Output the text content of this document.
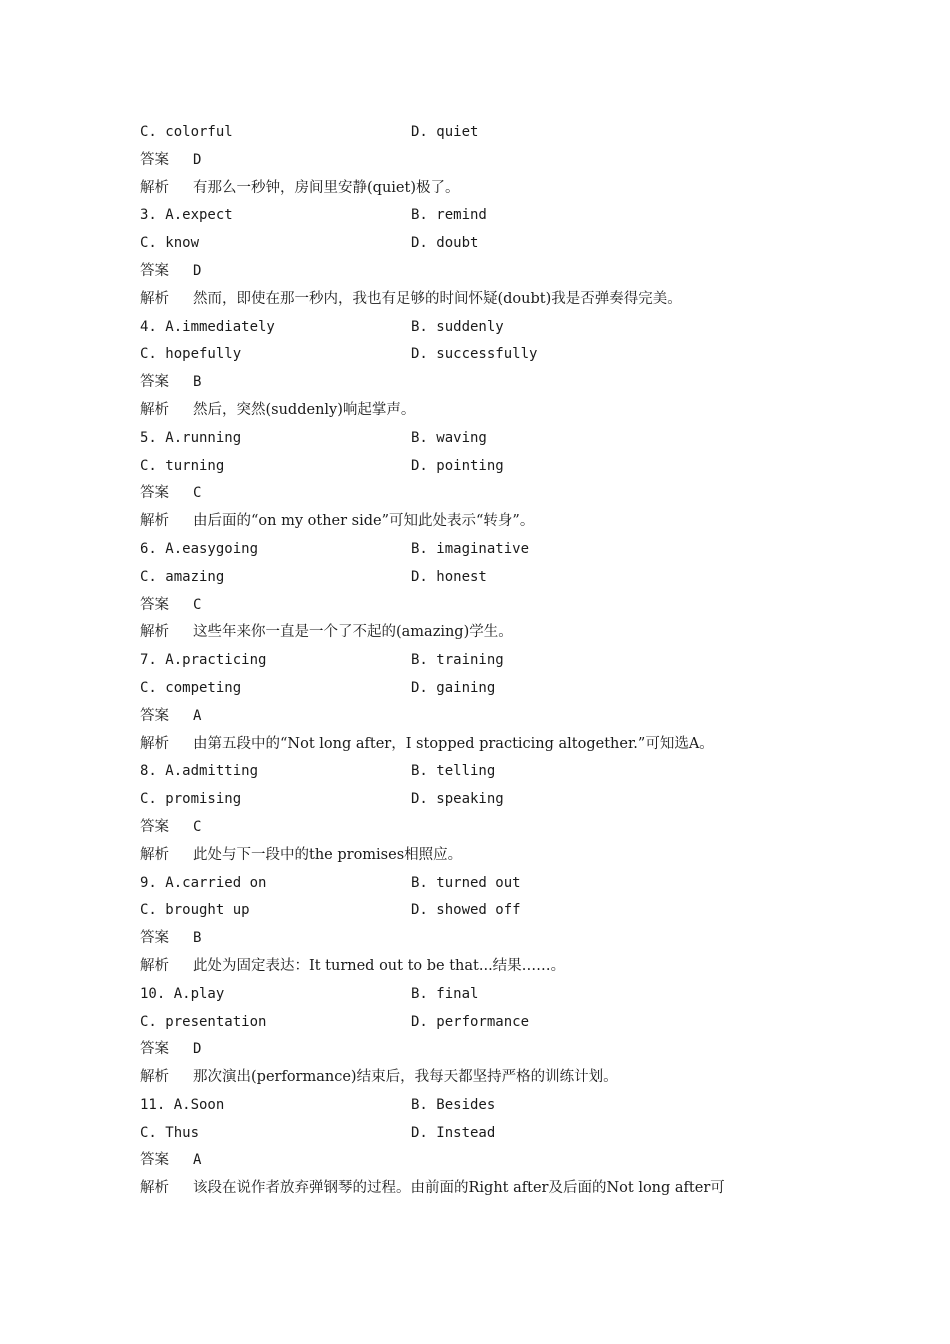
C. colorful	D. quiet
答案 D
解析 有那么一秒钟，房间里安静(quiet)极了。
3. A.expect	B. remind
C. know	D. doubt
答案 D
解析 然而，即使在那一秒内，我也有足够的时间怀疑(doubt)我是否弹奏得完美。
4. A.immediately	B. suddenly
C. hopefully	D. successfully
答案 B
解析 然后，突然(suddenly)响起掌声。
5. A.running	B. waving
C. turning	D. pointing
答案 C
解析 由后面的“on my other side”可知此处表示“转身”。
6. A.easygoing	B. imaginative
C. amazing	D. honest
答案 C
解析 这些年来你一直是一个了不起的(amazing)学生。
7. A.practicing	B. training
C. competing	D. gaining
答案 A
解析 由第五段中的“Not long after，I stopped practicing altogether.”可知选A。
8. A.admitting	B. telling
C. promising	D. speaking
答案 C
解析 此处与下一段中的the promises相照应。
9. A.carried on	B. turned out
C. brought up	D. showed off
答案 B
解析 此处为固定表达：It turned out to be that...结果……。
10. A.play	B. final
C. presentation	D. performance
答案 D
解析 那次演出(performance)结束后，我每天都坚持严格的训练计划。
11. A.Soon	B. Besides
C. Thus	D. Instead
答案 A
解析 该段在说作者放弃弹钢琴的过程。由前面的Right after及后面的Not long after可
